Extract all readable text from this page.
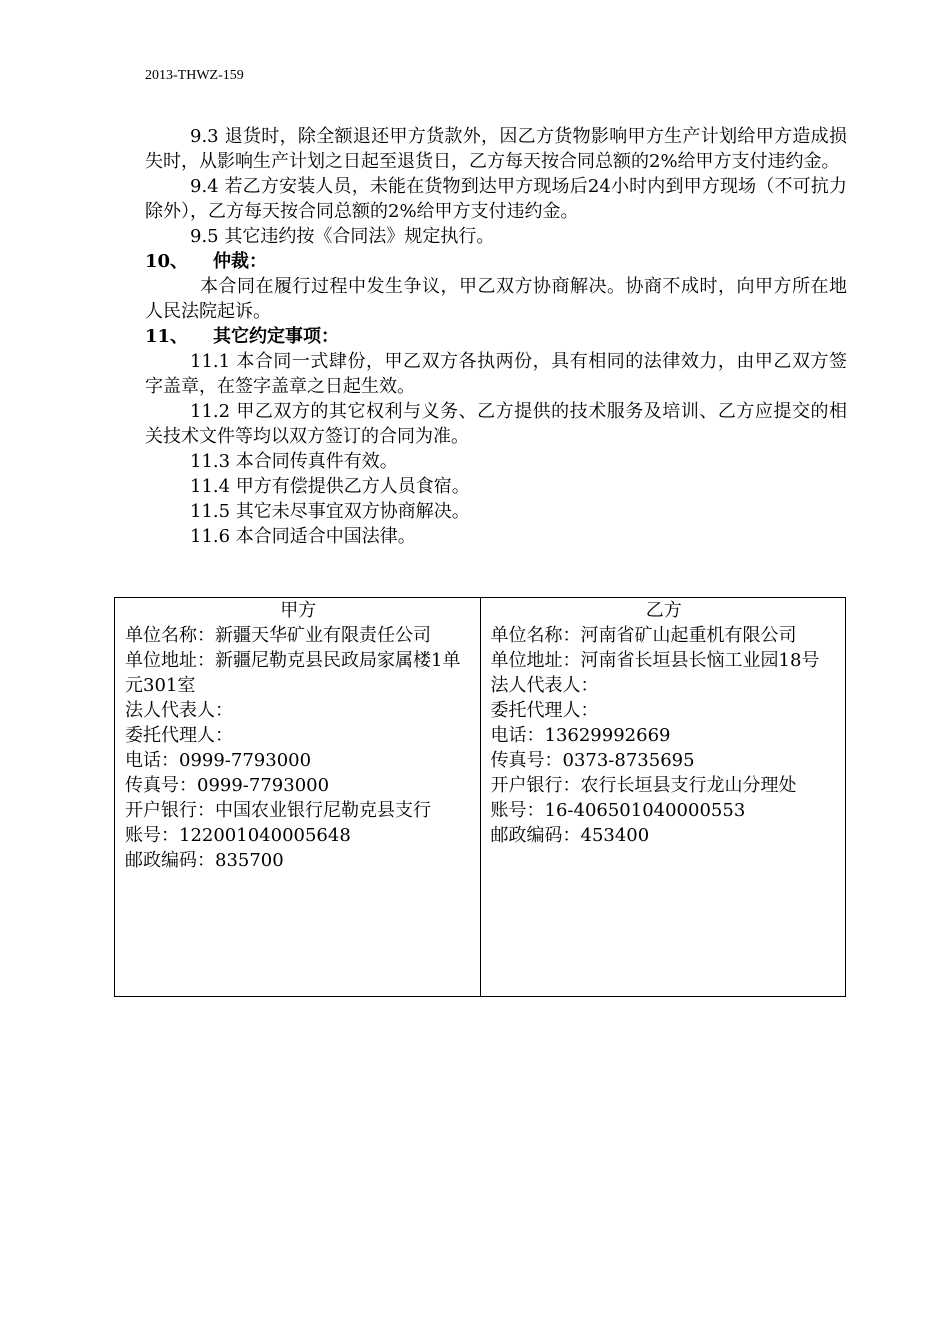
2013-THWZ-159

9.3 退货时，除全额退还甲方货款外，因乙方货物影响甲方生产计划给甲方造成损失时，从影响生产计划之日起至退货日，乙方每天按合同总额的2%给甲方支付违约金。

9.4 若乙方安装人员，未能在货物到达甲方现场后24小时内到甲方现场（不可抗力除外），乙方每天按合同总额的2%给甲方支付违约金。

9.5 其它违约按《合同法》规定执行。

10、 仲裁：

本合同在履行过程中发生争议，甲乙双方协商解决。协商不成时，向甲方所在地人民法院起诉。

11、 其它约定事项：

11.1 本合同一式肆份，甲乙双方各执两份，具有相同的法律效力，由甲乙双方签字盖章，在签字盖章之日起生效。

11.2 甲乙双方的其它权利与义务、乙方提供的技术服务及培训、乙方应提交的相关技术文件等均以双方签订的合同为准。

11.3 本合同传真件有效。

11.4 甲方有偿提供乙方人员食宿。

11.5 其它未尽事宜双方协商解决。

11.6 本合同适合中国法律。

甲方

单位名称：新疆天华矿业有限责任公司

单位地址：新疆尼勒克县民政局家属楼1单元301室

法人代表人：

委托代理人：

电话：0999-7793000

传真号：0999-7793000

开户银行：中国农业银行尼勒克县支行

账号：122001040005648

邮政编码：835700

乙方

单位名称：河南省矿山起重机有限公司

单位地址：河南省长垣县长恼工业园18号

法人代表人：

委托代理人：

电话：13629992669

传真号：0373-8735695

开户银行：农行长垣县支行龙山分理处

账号：16-406501040000553

邮政编码：453400
